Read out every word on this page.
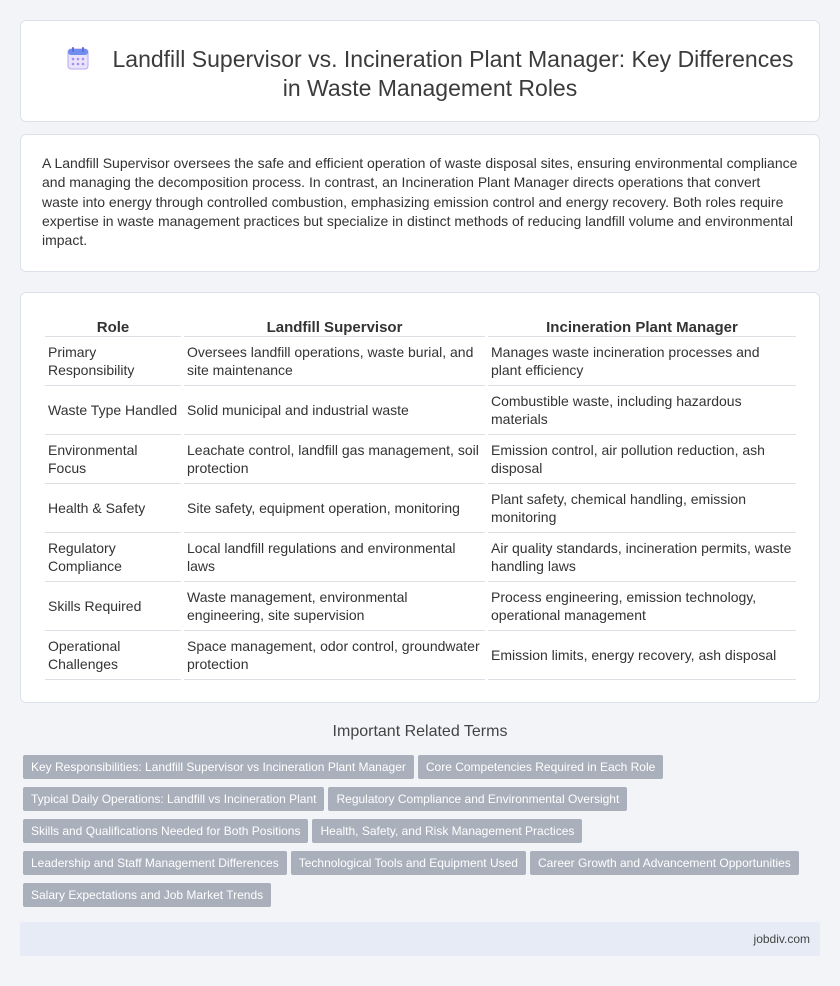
Landfill Supervisor vs. Incineration Plant Manager: Key Differences in Waste Management Roles

A Landfill Supervisor oversees the safe and efficient operation of waste disposal sites, ensuring environmental compliance and managing the decomposition process. In contrast, an Incineration Plant Manager directs operations that convert waste into energy through controlled combustion, emphasizing emission control and energy recovery. Both roles require expertise in waste management practices but specialize in distinct methods of reducing landfill volume and environmental impact.

Role	Landfill Supervisor	Incineration Plant Manager
Primary Responsibility	Oversees landfill operations, waste burial, and site maintenance	Manages waste incineration processes and plant efficiency
Waste Type Handled	Solid municipal and industrial waste	Combustible waste, including hazardous materials
Environmental Focus	Leachate control, landfill gas management, soil protection	Emission control, air pollution reduction, ash disposal
Health & Safety	Site safety, equipment operation, monitoring	Plant safety, chemical handling, emission monitoring
Regulatory Compliance	Local landfill regulations and environmental laws	Air quality standards, incineration permits, waste handling laws
Skills Required	Waste management, environmental engineering, site supervision	Process engineering, emission technology, operational management
Operational Challenges	Space management, odor control, groundwater protection	Emission limits, energy recovery, ash disposal
Important Related Terms
Key Responsibilities: Landfill Supervisor vs Incineration Plant Manager Core Competencies Required in Each Role
Typical Daily Operations: Landfill vs Incineration Plant Regulatory Compliance and Environmental Oversight
Skills and Qualifications Needed for Both Positions Health, Safety, and Risk Management Practices
Leadership and Staff Management Differences Technological Tools and Equipment Used Career Growth and Advancement Opportunities
Salary Expectations and Job Market Trends
jobdiv.com
